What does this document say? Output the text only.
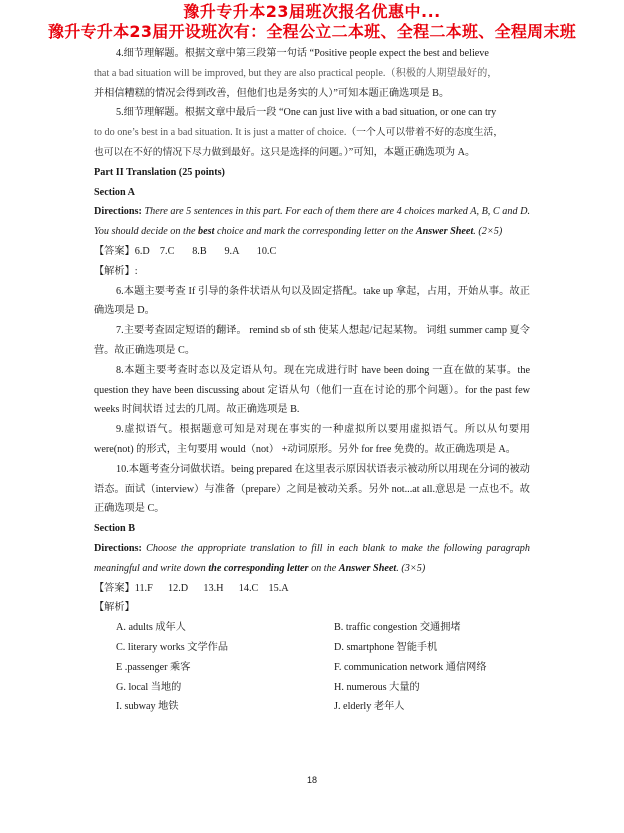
豫升专升本23届班次报名优惠中...
豫升专升本23届开设班次有：全程公立二本班、全程二本班、全程周末班

4.细节理解题。根据文章中第三段第一句话 “Positive people expect the best and believe

that a bad situation will be improved, but they are also practical people.（积极的人期望最好的，

并相信糟糕的情况会得到改善，但他们也是务实的人）”可知本题正确选项是 B。

5.细节理解题。根据文章中最后一段 “One can just live with a bad situation, or one can try

to do one’s best in a bad situation. It is just a matter of choice.（一个人可以带着不好的态度生活，

也可以在不好的情况下尽力做到最好。这只是选择的问题。）”可知，本题正确选项为 A。

Part II Translation (25 points)

Section A

Directions: There are 5 sentences in this part. For each of them there are 4 choices marked A, B, C and D. You should decide on the best choice and mark the corresponding letter on the Answer Sheet. (2×5)

【答案】6.D    7.C       8.B       9.A       10.C

【解析】:

6.本题主要考查 If 引导的条件状语从句以及固定搭配。take up 拿起，占用，开始从事。故正确选项是 D。

7.主要考查固定短语的翻译。 remind sb of sth 使某人想起/记起某物。 词组 summer camp 夏令营。故正确选项是 C。

8.本题主要考查时态以及定语从句。现在完成进行时 have been doing 一直在做的某事。the question they have been discussing about 定语从句（他们一直在讨论的那个问题）。for the past few weeks 时间状语 过去的几周。故正确选项是 B.

9.虚拟语气。根据题意可知是对现在事实的一种虚拟所以要用虚拟语气。所以从句要用 were(not) 的形式，主句要用 would（not） +动词原形。另外 for free 免费的。故正确选项是 A。

10.本题考查分词做状语。being prepared 在这里表示原因状语表示被动所以用现在分词的被动语态。面试（interview）与准备（prepare）之间是被动关系。另外 not...at all.意思是 一点也不。故正确选项是 C。

Section B

Directions: Choose the appropriate translation to fill in each blank to make the following paragraph meaningful and write down the corresponding letter on the Answer Sheet. (3×5)

【答案】11.F      12.D      13.H      14.C    15.A

【解析】

A. adults 成年人	B. traffic congestion 交通拥堵
C. literary works 文学作品	D. smartphone 智能手机
E .passenger 乘客	F. communication network 通信网络
G. local 当地的	H. numerous 大量的
I. subway 地铁	J. elderly 老年人
18
